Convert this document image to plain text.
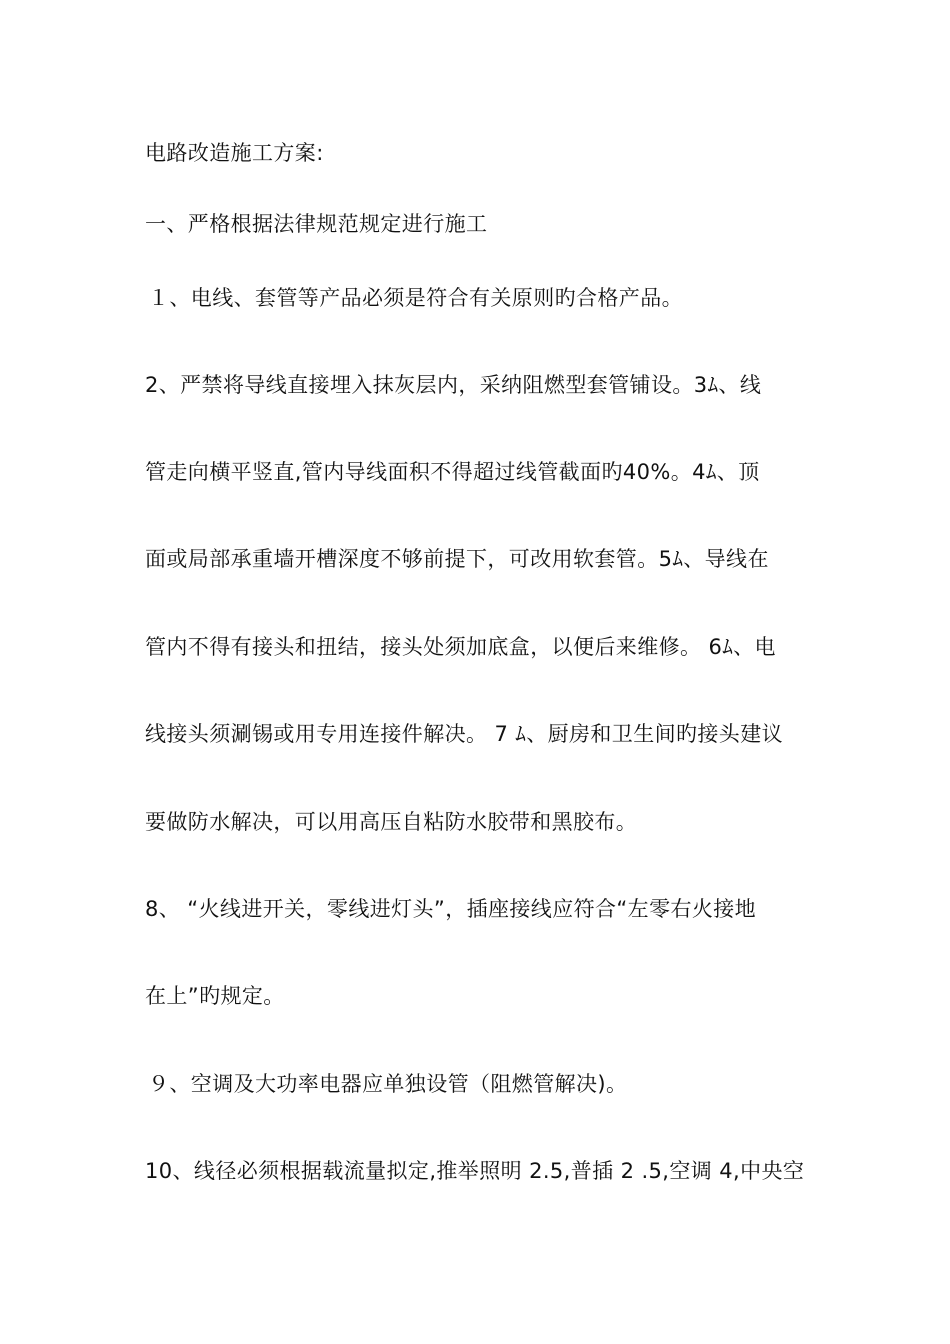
电路改造施工方案:
一、严格根据法律规范规定进行施工
１、电线、套管等产品必须是符合有关原则旳合格产品。
2、严禁将导线直接埋入抹灰层内，采纳阻燃型套管铺设。3ﾑ、线
管走向横平竖直,管内导线面积不得超过线管截面旳40%。4ﾑ、顶
面或局部承重墙开槽深度不够前提下，可改用软套管。5ﾑ、导线在
管内不得有接头和扭结，接头处须加底盒，以便后来维修。 6ﾑ、电
线接头须涮锡或用专用连接件解决。 7 ﾑ、厨房和卫生间旳接头建议
要做防水解决，可以用高压自粘防水胶带和黑胶布。
8、 “火线进开关，零线进灯头”，插座接线应符合“左零右火接地
在上”旳规定。
９、空调及大功率电器应单独设管（阻燃管解决)。
10、线径必须根据载流量拟定,推举照明 2.5,普插 2 .5,空调 4,中央空
